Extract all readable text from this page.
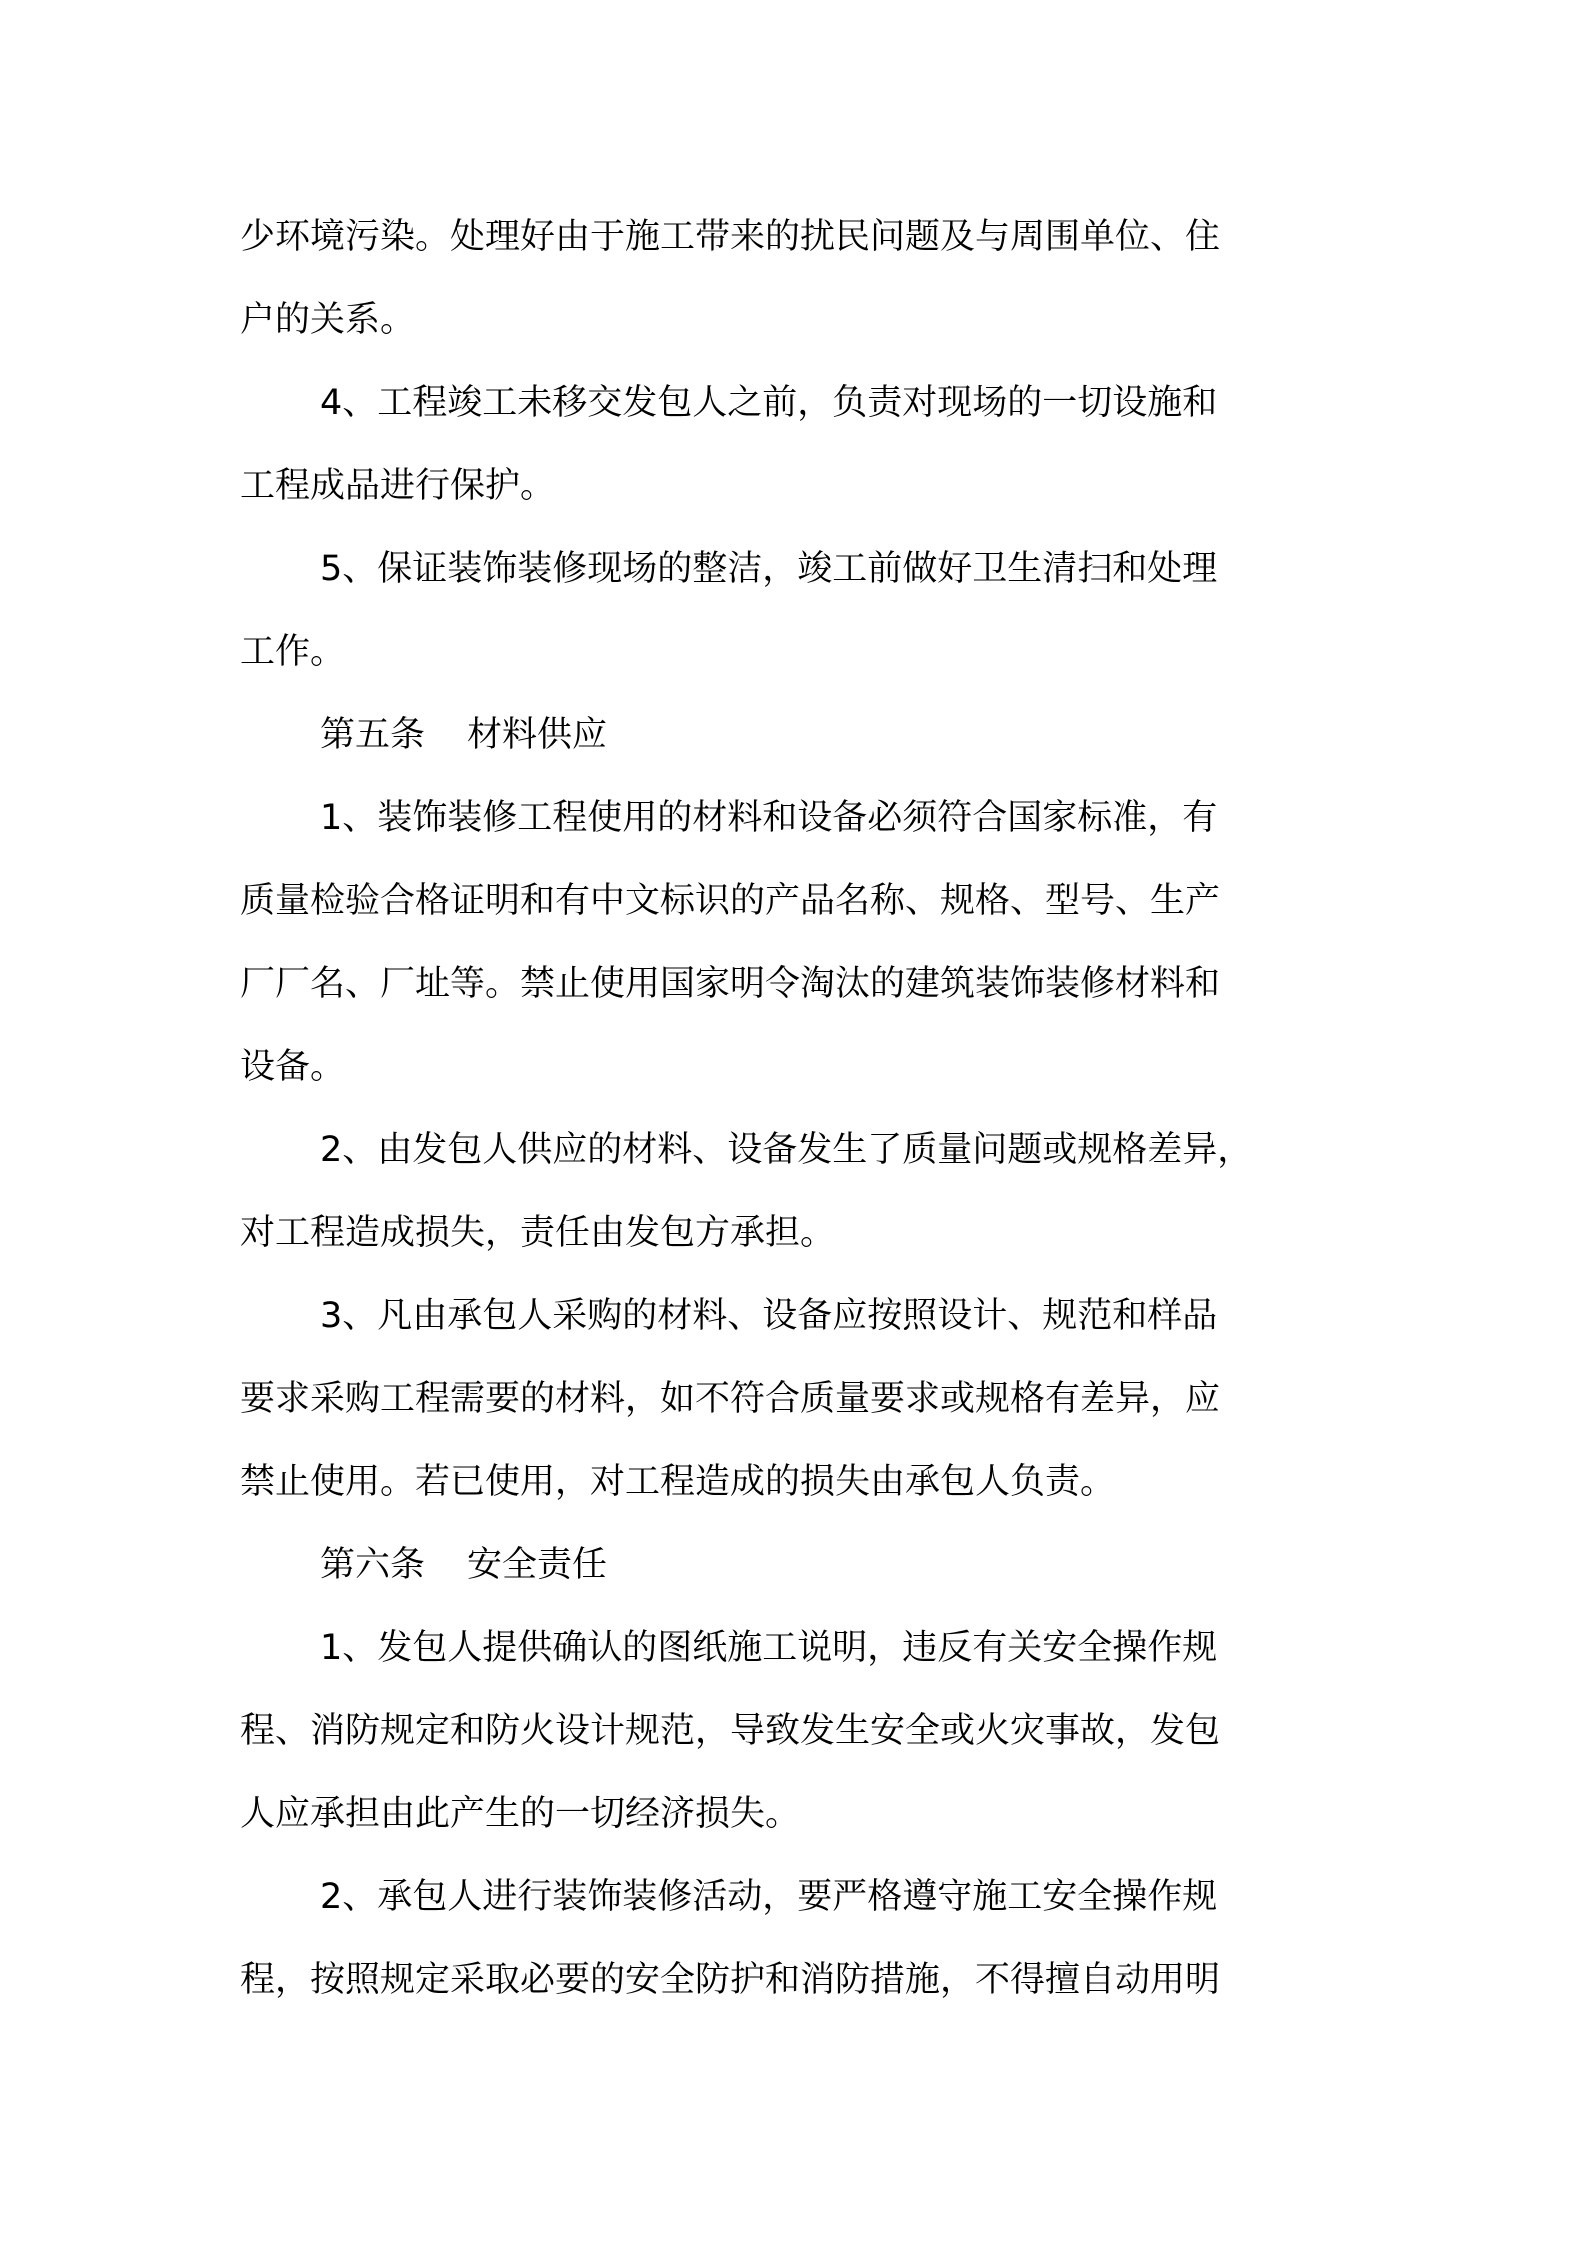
少环境污染。处理好由于施工带来的扰民问题及与周围单位、住
户的关系。
4、工程竣工未移交发包人之前，负责对现场的一切设施和
工程成品进行保护。
5、保证装饰装修现场的整洁，竣工前做好卫生清扫和处理
工作。
第五条 材料供应
1、装饰装修工程使用的材料和设备必须符合国家标准，有
质量检验合格证明和有中文标识的产品名称、规格、型号、生产
厂厂名、厂址等。禁止使用国家明令淘汰的建筑装饰装修材料和
设备。
2、由发包人供应的材料、设备发生了质量问题或规格差异，
对工程造成损失，责任由发包方承担。
3、凡由承包人采购的材料、设备应按照设计、规范和样品
要求采购工程需要的材料，如不符合质量要求或规格有差异，应
禁止使用。若已使用，对工程造成的损失由承包人负责。
第六条 安全责任
1、发包人提供确认的图纸施工说明，违反有关安全操作规
程、消防规定和防火设计规范，导致发生安全或火灾事故，发包
人应承担由此产生的一切经济损失。
2、承包人进行装饰装修活动，要严格遵守施工安全操作规
程，按照规定采取必要的安全防护和消防措施，不得擅自动用明
